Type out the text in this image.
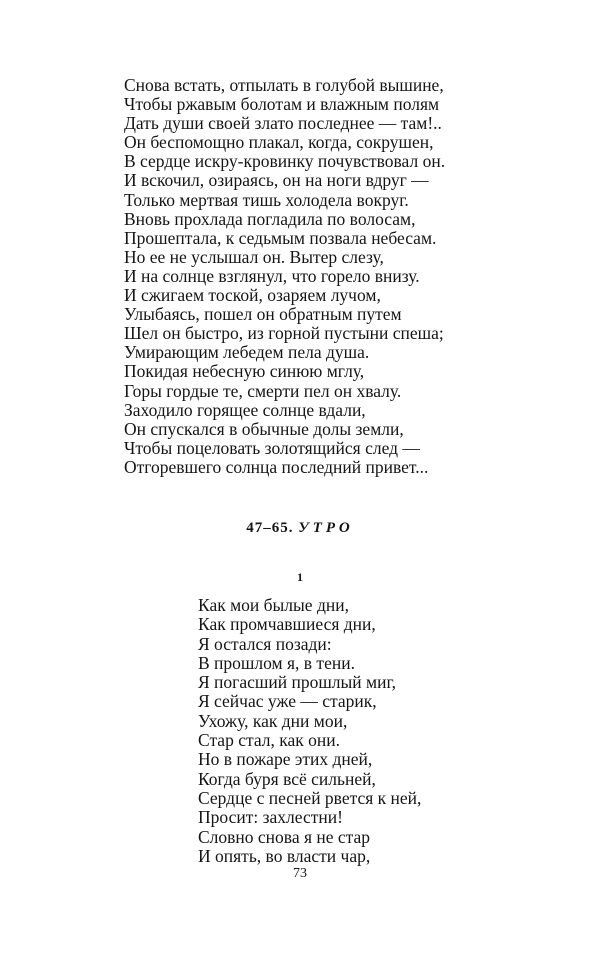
Снова встать, отпылать в голубой вышине,
Чтобы ржавым болотам и влажным полям
Дать души своей злато последнее — там!..
Он беспомощно плакал, когда, сокрушен,
В сердце искру-кровинку почувствовал он.
И вскочил, озираясь, он на ноги вдруг —
Только мертвая тишь холодела вокруг.
Вновь прохлада погладила по волосам,
Прошептала, к седьмым позвала небесам.
Но ее не услышал он. Вытер слезу,
И на солнце взглянул, что горело внизу.
И сжигаем тоской, озаряем лучом,
Улыбаясь, пошел он обратным путем
Шел он быстро, из горной пустыни спеша;
Умирающим лебедем пела душа.
Покидая небесную синюю мглу,
Горы гордые те, смерти пел он хвалу.
Заходило горящее солнце вдали,
Он спускался в обычные долы земли,
Чтобы поцеловать золотящийся след —
Отгоревшего солнца последний привет...
47–65. УТРО
1
Как мои былые дни,
Как промчавшиеся дни,
Я остался позади:
В прошлом я, в тени.
Я погасший прошлый миг,
Я сейчас уже — старик,
Ухожу, как дни мои,
Стар стал, как они.
Но в пожаре этих дней,
Когда буря всё сильней,
Сердце с песней рвется к ней,
Просит: захлестни!
Словно снова я не стар
И опять, во власти чар,
73
